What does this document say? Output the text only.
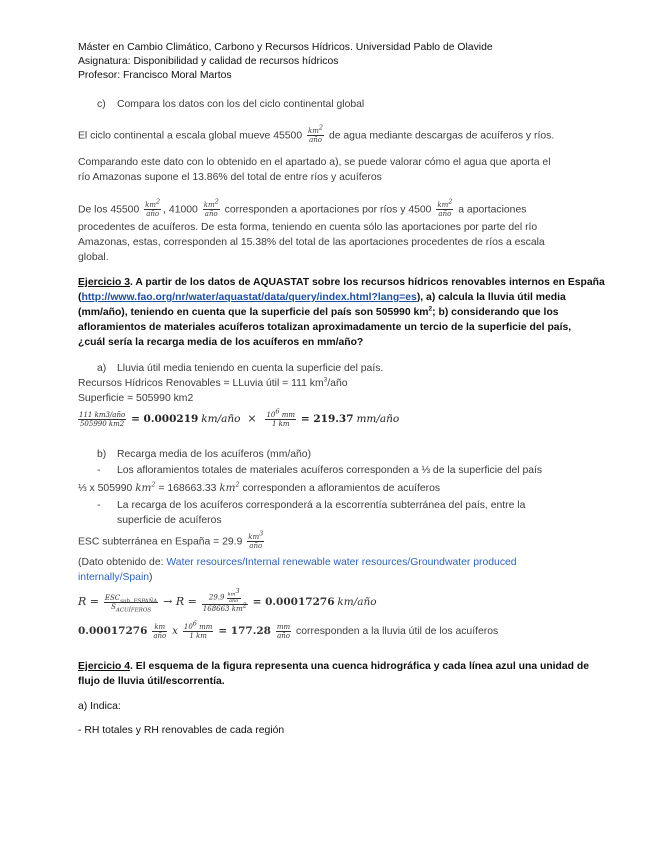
Máster en Cambio Climático, Carbono y Recursos Hídricos. Universidad Pablo de Olavide
Asignatura: Disponibilidad y calidad de recursos hídricos
Profesor: Francisco Moral Martos
c) Compara los datos con los del ciclo continental global
El ciclo continental a escala global mueve $45500 \frac{km^2}{\text{año}}$ de agua mediante descargas de acuíferos y ríos.
Comparando este dato con lo obtenido en el apartado a), se puede valorar cómo el agua que aporta el
río Amazonas supone el 13.86% del total de entre ríos y acuíferos
De los $45500 \frac{km^2}{\text{año}}$ , $41000 \frac{km^2}{\text{año}}$ corresponden a aportaciones por ríos y $4500 \frac{km^2}{\text{año}}$ a aportaciones
procedentes de acuíferos. De esta forma, teniendo en cuenta sólo las aportaciones por parte del río
Amazonas, estas, corresponden al 15.38% del total de las aportaciones procedentes de ríos a escala
global.
Ejercicio 3. A partir de los datos de AQUASTAT sobre los recursos hídricos renovables internos en España
(http://www.fao.org/nr/water/aquastat/data/query/index.html?lang=es), a) calcula la lluvia útil media
(mm/año), teniendo en cuenta que la superficie del país son 505990 $km^2$; b) considerando que los
afloramientos de materiales acuíferos totalizan aproximadamente un tercio de la superficie del país,
¿cuál sería la recarga media de los acuíferos en mm/año?
a) Lluvia útil media teniendo en cuenta la superficie del país.
Recursos Hídricos Renovables = LLuvia útil = 111 $km^3$/año
Superficie = 505990 km2
$\frac{\text{111 km3/año}}{505990 km2} = 0.000219$ km/año × $\frac{10^6 mm}{1 km} = 219.37$ mm/año
b) Recarga media de los acuíferos (mm/año)
- Los afloramientos totales de materiales acuíferos corresponden a ⅓ de la superficie del país
⅓ x 505990 $km^2 = 168663.33$ $km^2$ corresponden a afloramientos de acuíferos
- La recarga de los acuíferos corresponderá a la escorrentía subterránea del país, entre la
superficie de acuíferos
ESC subterránea en España = $29.9 \frac{km^3}{\text{año}}$
(Dato obtenido de: Water resources/Internal renewable water resources/Groundwater produced
internally/Spain)
$R = \frac{ESC_{sub. ESPAÑA}}{S_{ACUÍFEROS}} \to R = \frac{29.9 \frac{km^3}{\text{año}}}{168663 km^2} = 0.00017276$ km/año
$0.00017276 \frac{km}{\text{año}}$ x $\frac{10^6 mm}{1 km} = 177.28 \frac{mm}{\text{año}}$ corresponden a la lluvia útil de los acuíferos
Ejercicio 4. El esquema de la figura representa una cuenca hidrográfica y cada línea azul una unidad de
flujo de lluvia útil/escorrentía.
a) Indica:
- RH totales y RH renovables de cada región
